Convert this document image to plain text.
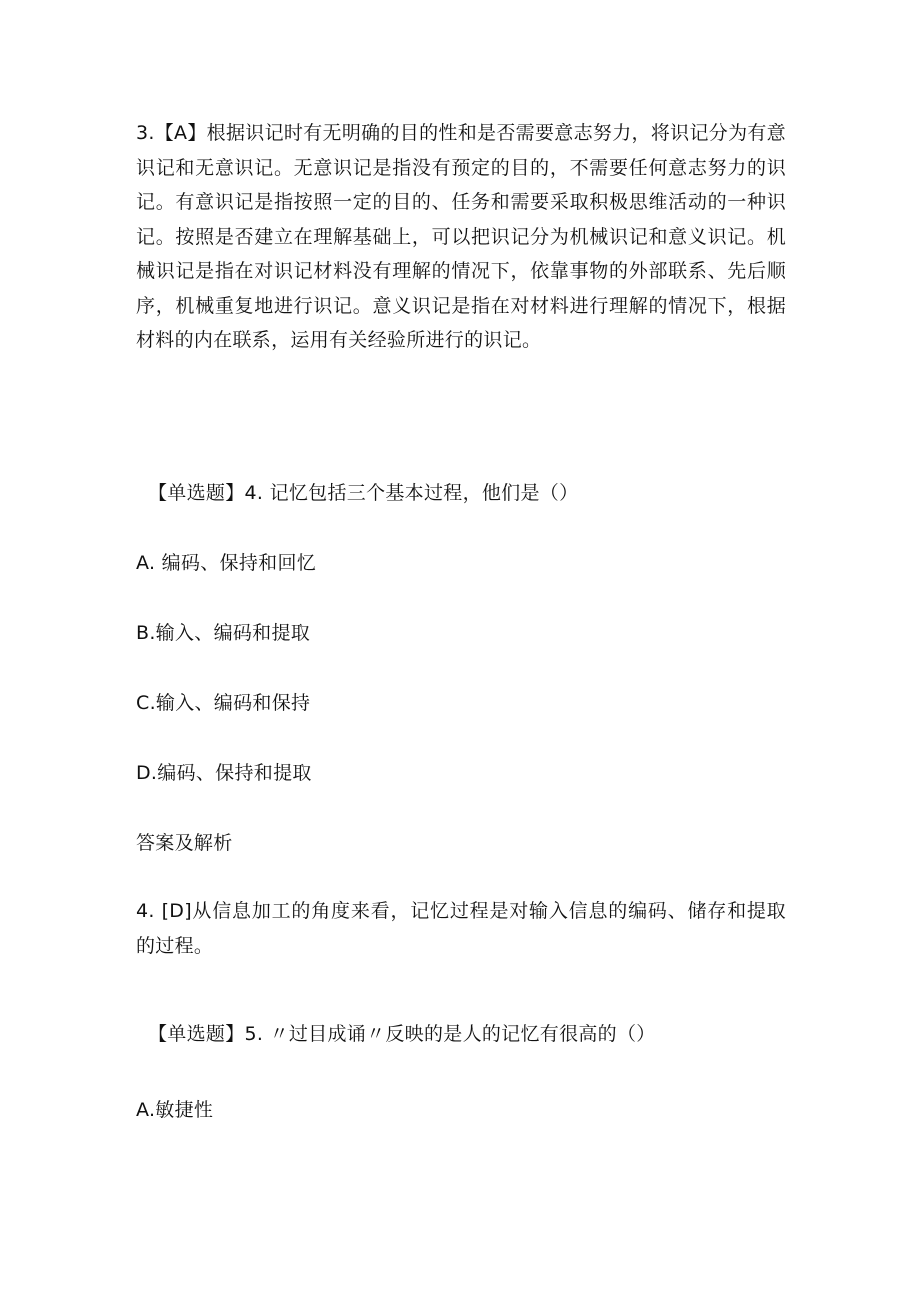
3.【A】根据识记时有无明确的目的性和是否需要意志努力，将识记分为有意识记和无意识记。无意识记是指没有预定的目的，不需要任何意志努力的识记。有意识记是指按照一定的目的、任务和需要采取积极思维活动的一种识记。按照是否建立在理解基础上，可以把识记分为机械识记和意义识记。机械识记是指在对识记材料没有理解的情况下，依靠事物的外部联系、先后顺序，机械重复地进行识记。意义识记是指在对材料进行理解的情况下，根据材料的内在联系，运用有关经验所进行的识记。
【单选题】4. 记忆包括三个基本过程，他们是（）
A. 编码、保持和回忆
B.输入、编码和提取
C.输入、编码和保持
D.编码、保持和提取
答案及解析
4. [D]从信息加工的角度来看，记忆过程是对输入信息的编码、储存和提取的过程。
【单选题】5. 〃过目成诵〃反映的是人的记忆有很高的（）
A.敏捷性
